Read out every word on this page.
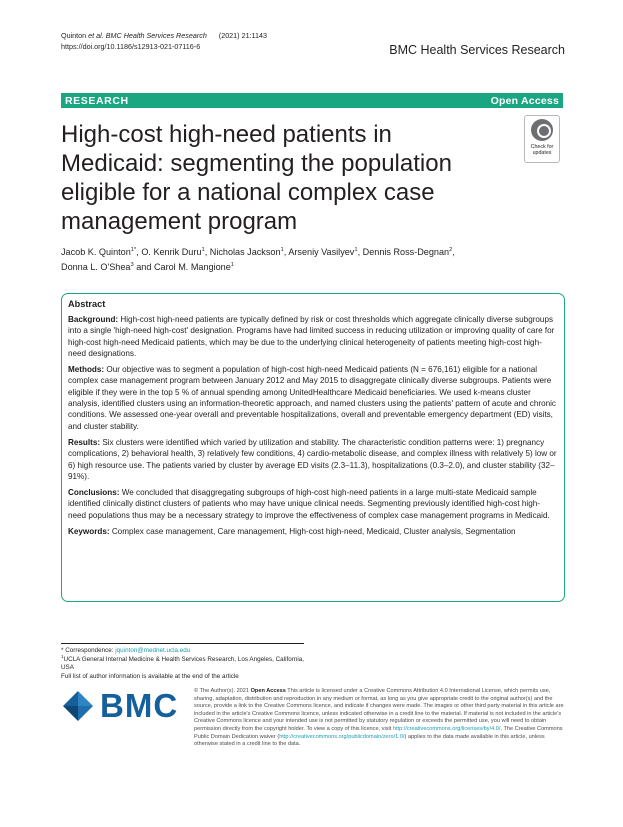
Quinton et al. BMC Health Services Research (2021) 21:1143
https://doi.org/10.1186/s12913-021-07116-6	BMC Health Services Research
RESEARCH	Open Access
High-cost high-need patients in Medicaid: segmenting the population eligible for a national complex case management program
Check for updates
Jacob K. Quinton$^{1*}$, O. Kenrik Duru$^1$, Nicholas Jackson$^1$, Arseniy Vasilyev$^1$, Dennis Ross-Degnan$^2$,
Donna L. O'Shea$^3$ and Carol M. Mangione$^1$
Abstract

Background: High-cost high-need patients are typically defined by risk or cost thresholds which aggregate clinically diverse subgroups into a single 'high-need high-cost' designation. Programs have had limited success in reducing utilization or improving quality of care for high-cost high-need Medicaid patients, which may be due to the underlying clinical heterogeneity of patients meeting high-cost high-need designations.

Methods: Our objective was to segment a population of high-cost high-need Medicaid patients (N = 676,161) eligible for a national complex case management program between January 2012 and May 2015 to disaggregate clinically diverse subgroups. Patients were eligible if they were in the top 5 % of annual spending among UnitedHealthcare Medicaid beneficiaries. We used k-means cluster analysis, identified clusters using an information-theoretic approach, and named clusters using the patients' pattern of acute and chronic conditions. We assessed one-year overall and preventable hospitalizations, overall and preventable emergency department (ED) visits, and cluster stability.

Results: Six clusters were identified which varied by utilization and stability. The characteristic condition patterns were: 1) pregnancy complications, 2) behavioral health, 3) relatively few conditions, 4) cardio-metabolic disease, and complex illness with relatively 5) low or 6) high resource use. The patients varied by cluster by average ED visits (2.3–11.3), hospitalizations (0.3–2.0), and cluster stability (32–91%).

Conclusions: We concluded that disaggregating subgroups of high-cost high-need patients in a large multi-state Medicaid sample identified clinically distinct clusters of patients who may have unique clinical needs. Segmenting previously identified high-cost high-need populations thus may be a necessary strategy to improve the effectiveness of complex case management programs in Medicaid.

Keywords: Complex case management, Care management, High-cost high-need, Medicaid, Cluster analysis, Segmentation

* Correspondence: jquinton@mednet.ucla.edu
$^1$UCLA General Internal Medicine & Health Services Research, Los Angeles, California, USA
Full list of author information is available at the end of the article
BMC	© The Author(s). 2021 Open Access This article is licensed under a Creative Commons Attribution 4.0 International License, which permits use, sharing, adaptation, distribution and reproduction in any medium or format, as long as you give appropriate credit to the original author(s) and the source, provide a link to the Creative Commons licence, and indicate if changes were made. The images or other third party material in this article are included in the article's Creative Commons licence, unless indicated otherwise in a credit line to the material. If material is not included in the article's Creative Commons licence and your intended use is not permitted by statutory regulation or exceeds the permitted use, you will need to obtain permission directly from the copyright holder. To view a copy of this licence, visit http://creativecommons.org/licenses/by/4.0/. The Creative Commons Public Domain Dedication waiver (http://creativecommons.org/publicdomain/zero/1.0/) applies to the data made available in this article, unless otherwise stated in a credit line to the data.
